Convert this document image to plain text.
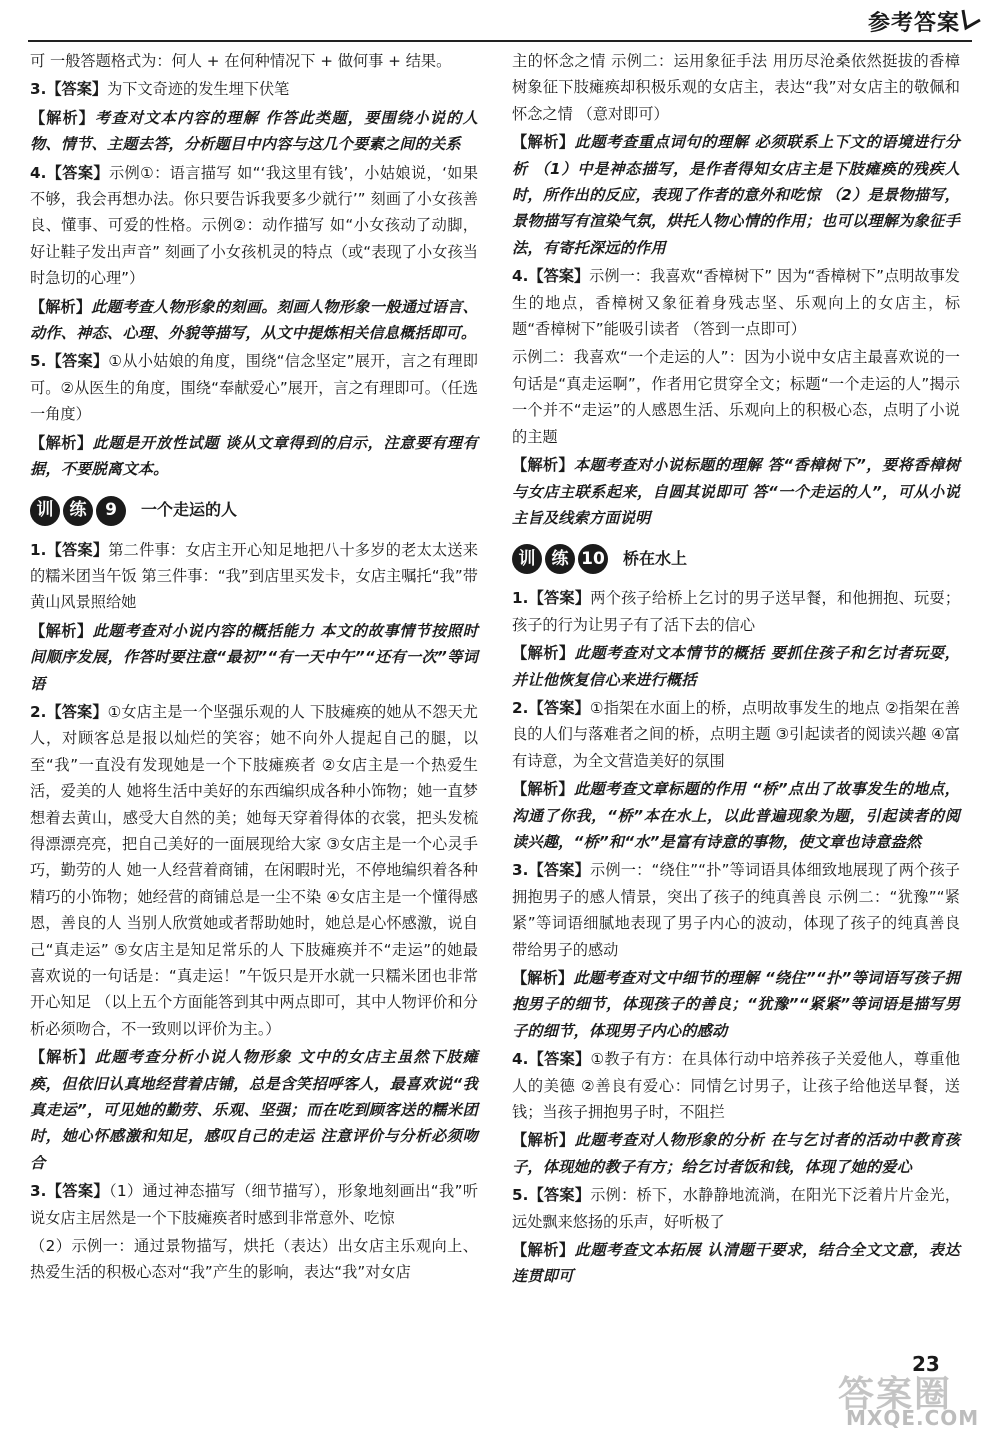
参考答案

可 一般答题格式为：何人 + 在何种情况下 + 做何事 + 结果。

3.【答案】为下文奇迹的发生埋下伏笔

【解析】考查对文本内容的理解 作答此类题，要围绕小说的人物、情节、主题去答，分析题目中内容与这几个要素之间的关系

4.【答案】示例①：语言描写 如“‘我这里有钱’，小姑娘说，‘如果不够，我会再想办法。你只要告诉我要多少就行’” 刻画了小女孩善良、懂事、可爱的性格。示例②：动作描写 如“小女孩动了动脚，好让鞋子发出声音” 刻画了小女孩机灵的特点（或“表现了小女孩当时急切的心理”）

【解析】此题考查人物形象的刻画。刻画人物形象一般通过语言、动作、神态、心理、外貌等描写，从文中提炼相关信息概括即可。

5.【答案】①从小姑娘的角度，围绕“信念坚定”展开，言之有理即可。②从医生的角度，围绕“奉献爱心”展开，言之有理即可。（任选一角度）

【解析】此题是开放性试题 谈从文章得到的启示，注意要有理有据，不要脱离文本。

训 练	9	一个走运的人

1.【答案】第二件事：女店主开心知足地把八十多岁的老太太送来的糯米团当午饭 第三件事：“我”到店里买发卡，女店主嘱托“我”带黄山风景照给她

【解析】此题考查对小说内容的概括能力 本文的故事情节按照时间顺序发展，作答时要注意“最初”“有一天中午”“还有一次”等词语

2.【答案】①女店主是一个坚强乐观的人 下肢瘫痪的她从不怨天尤人，对顾客总是报以灿烂的笑容；她不向外人提起自己的腿，以至“我”一直没有发现她是一个下肢瘫痪者 ②女店主是一个热爱生活，爱美的人 她将生活中美好的东西编织成各种小饰物；她一直梦想着去黄山，感受大自然的美；她每天穿着得体的衣裳，把头发梳得漂漂亮亮，把自己美好的一面展现给大家 ③女店主是一个心灵手巧，勤劳的人 她一人经营着商铺，在闲暇时光，不停地编织着各种精巧的小饰物；她经营的商铺总是一尘不染 ④女店主是一个懂得感恩，善良的人 当别人欣赏她或者帮助她时，她总是心怀感激，说自己“真走运” ⑤女店主是知足常乐的人 下肢瘫痪并不“走运”的她最喜欢说的一句话是：“真走运！”午饭只是开水就一只糯米团也非常开心知足 （以上五个方面能答到其中两点即可，其中人物评价和分析必须吻合，不一致则以评价为主。）

【解析】此题考查分析小说人物形象 文中的女店主虽然下肢瘫痪，但依旧认真地经营着店铺，总是含笑招呼客人，最喜欢说“我真走运”，可见她的勤劳、乐观、坚强；而在吃到顾客送的糯米团时，她心怀感激和知足，感叹自己的走运 注意评价与分析必须吻合

3.【答案】（1）通过神态描写（细节描写），形象地刻画出“我”听说女店主居然是一个下肢瘫痪者时感到非常意外、吃惊

（2）示例一：通过景物描写，烘托（表达）出女店主乐观向上、热爱生活的积极心态对“我”产生的影响，表达“我”对女店

主的怀念之情 示例二：运用象征手法 用历尽沧桑依然挺拔的香樟树象征下肢瘫痪却积极乐观的女店主，表达“我”对女店主的敬佩和怀念之情 （意对即可）

【解析】此题考查重点词句的理解 必须联系上下文的语境进行分析 （1）中是神态描写，是作者得知女店主是下肢瘫痪的残疾人时，所作出的反应，表现了作者的意外和吃惊 （2）是景物描写，景物描写有渲染气氛，烘托人物心情的作用；也可以理解为象征手法，有寄托深远的作用

4.【答案】示例一：我喜欢“香樟树下” 因为“香樟树下”点明故事发生的地点，香樟树又象征着身残志坚、乐观向上的女店主，标题“香樟树下”能吸引读者 （答到一点即可）

示例二：我喜欢“一个走运的人”：因为小说中女店主最喜欢说的一句话是“真走运啊”，作者用它贯穿全文；标题“一个走运的人”揭示一个并不“走运”的人感恩生活、乐观向上的积极心态，点明了小说的主题

【解析】本题考查对小说标题的理解 答“香樟树下”，要将香樟树与女店主联系起来，自圆其说即可 答“一个走运的人”，可从小说主旨及线索方面说明

训 练 10 桥在水上

1.【答案】两个孩子给桥上乞讨的男子送早餐，和他拥抱、玩耍；孩子的行为让男子有了活下去的信心

【解析】此题考查对文本情节的概括 要抓住孩子和乞讨者玩耍，并让他恢复信心来进行概括

2.【答案】①指架在水面上的桥，点明故事发生的地点 ②指架在善良的人们与落难者之间的桥，点明主题 ③引起读者的阅读兴趣 ④富有诗意，为全文营造美好的氛围

【解析】此题考查文章标题的作用 “桥”点出了故事发生的地点，沟通了你我，“桥”本在水上，以此普遍现象为题，引起读者的阅读兴趣，“桥”和“水”是富有诗意的事物，使文章也诗意盎然

3.【答案】示例一：“绕住”“扑”等词语具体细致地展现了两个孩子拥抱男子的感人情景，突出了孩子的纯真善良 示例二：“犹豫”“紧紧”等词语细腻地表现了男子内心的波动，体现了孩子的纯真善良带给男子的感动

【解析】此题考查对文中细节的理解 “绕住”“扑”等词语写孩子拥抱男子的细节，体现孩子的善良；“犹豫”“紧紧”等词语是描写男子的细节，体现男子内心的感动

4.【答案】①教子有方：在具体行动中培养孩子关爱他人，尊重他人的美德 ②善良有爱心：同情乞讨男子，让孩子给他送早餐，送钱；当孩子拥抱男子时，不阻拦

【解析】此题考查对人物形象的分析 在与乞讨者的活动中教育孩子，体现她的教子有方；给乞讨者饭和钱，体现了她的爱心

5.【答案】示例：桥下，水静静地流淌，在阳光下泛着片片金光，远处飘来悠扬的乐声，好听极了

【解析】此题考查文本拓展 认清题干要求，结合全文文意，表达连贯即可

23
答案圈
MXQE.COM
